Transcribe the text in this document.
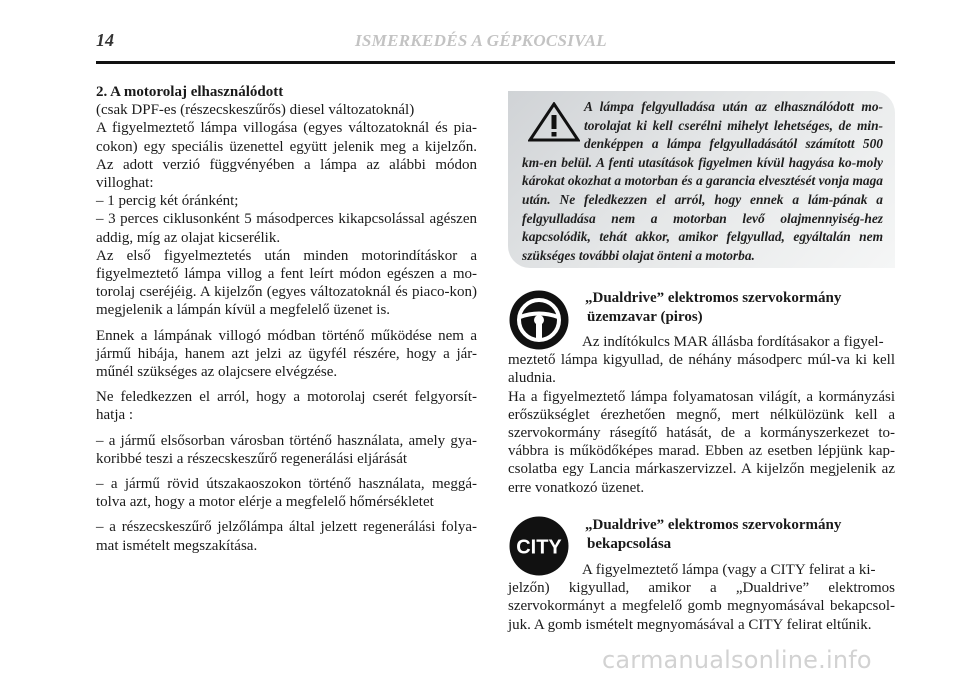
14	ISMERKEDÉS A GÉPKOCSIVAL

2. A motorolaj elhasználódott
(csak DPF-es (részecskeszűrős) diesel változatoknál)

A figyelmeztető lámpa villogása (egyes változatoknál és pia-cokon) egy speciális üzenettel együtt jelenik meg a kijelzőn. Az adott verzió függvényében a lámpa az alábbi módon villoghat:

– 1 percig két óránként;

– 3 perces ciklusonként 5 másodperces kikapcsolással agészen addig, míg az olajat kicserélik.

Az első figyelmeztetés után minden motorindításkor a figyelmeztető lámpa villog a fent leírt módon egészen a mo-torolaj cseréjéig. A kijelzőn (egyes változatoknál és piaco-kon) megjelenik a lámpán kívül a megfelelő üzenet is.

Ennek a lámpának villogó módban történő működése nem a jármű hibája, hanem azt jelzi az ügyfél részére, hogy a jár-műnél szükséges az olajcsere elvégzése.

Ne feledkezzen el arról, hogy a motorolaj cserét felgyorsít-hatja :

– a jármű elsősorban városban történő használata, amely gya-koribbé teszi a részecskeszűrő regenerálási eljárását

– a jármű rövid útszakaoszokon történő használata, meggá-tolva azt, hogy a motor elérje a megfelelő hőmérsékletet

– a részecskeszűrő jelzőlámpa által jelzett regenerálási folya-mat ismételt megszakítása.

A lámpa felgyulladása után az elhasználódott mo-torolajat ki kell cserélni mihelyt lehetséges, de min-denképpen a lámpa felgyulladásától számított 500 km-en belül. A fenti utasítások figyelmen kívül hagyása ko-moly károkat okozhat a motorban és a garancia elvesztését vonja maga után. Ne feledkezzen el arról, hogy ennek a lám-pának a felgyulladása nem a motorban levő olajmennyiség-hez kapcsolódik, tehát akkor, amikor felgyullad, egyáltalán nem szükséges további olajat önteni a motorba.
„Dualdrive” elektromos szervokormány
üzemzavar (piros)

Az indítókulcs MAR állásba fordításakor a figyel-
meztető lámpa kigyullad, de néhány másodperc múl-va ki kell aludnia.

Ha a figyelmeztető lámpa folyamatosan világít, a kormányzási erőszükséglet érezhetően megnő, mert nélkülözünk kell a szervokormány rásegítő hatását, de a kormányszerkezet to-vábbra is működőképes marad. Ebben az esetben lépjünk kap-csolatba egy Lancia márkaszervizzel. A kijelzőn megjelenik az erre vonatkozó üzenet.

CITY
„Dualdrive” elektromos szervokormány
bekapcsolása

A figyelmeztető lámpa (vagy a CITY felirat a ki-
jelzőn) kigyullad, amikor a „Dualdrive” elektromos szervokormányt a megfelelő gomb megnyomásával bekapcsol-juk. A gomb ismételt megnyomásával a CITY felirat eltűnik.

carmanualsonline.info
